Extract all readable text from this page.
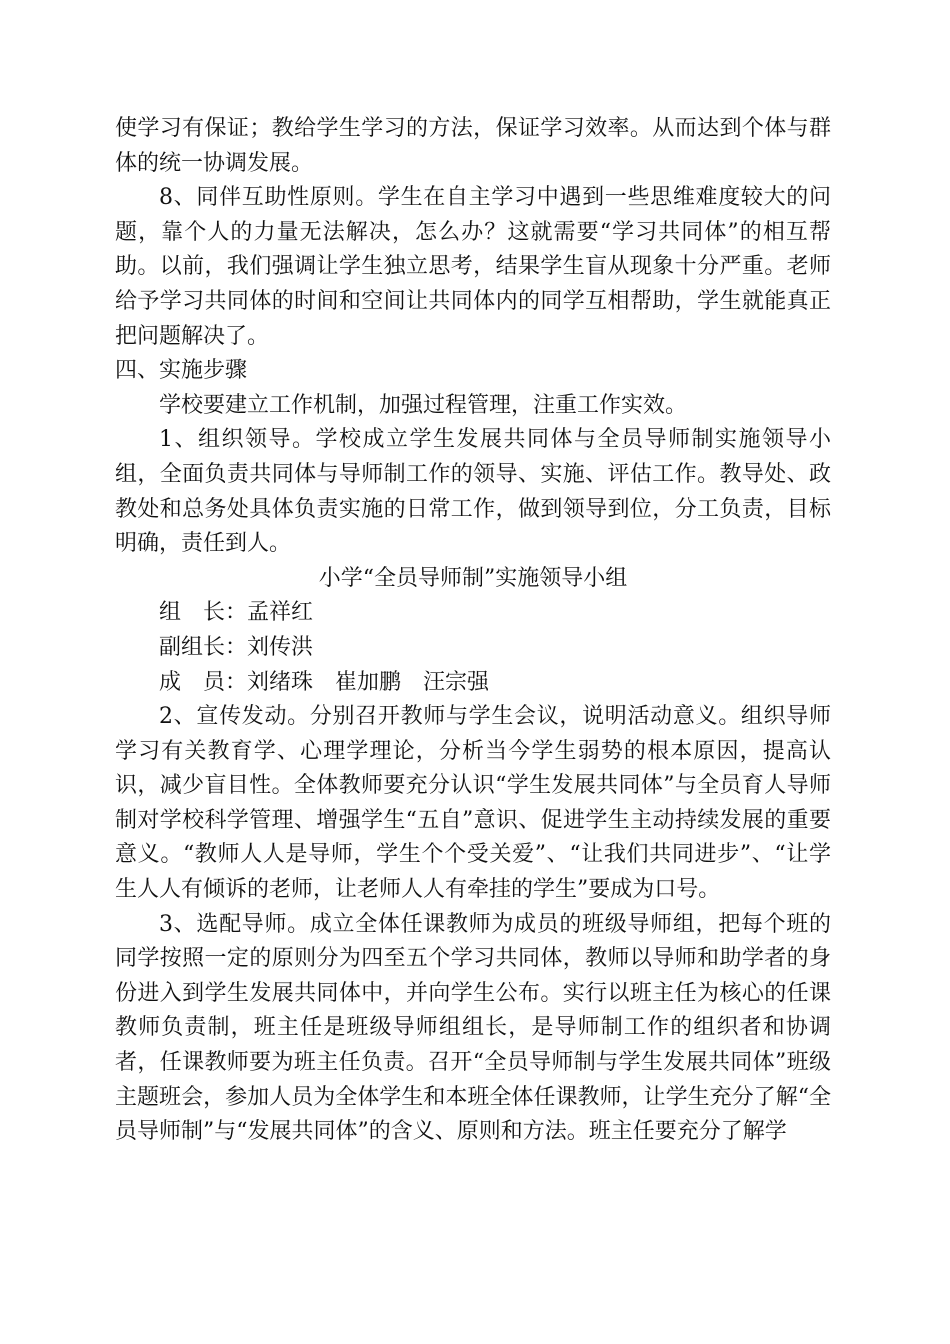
使学习有保证；教给学生学习的方法，保证学习效率。从而达到个体与群体的统一协调发展。

8、同伴互助性原则。学生在自主学习中遇到一些思维难度较大的问题，靠个人的力量无法解决，怎么办？这就需要“学习共同体”的相互帮助。以前，我们强调让学生独立思考，结果学生盲从现象十分严重。老师给予学习共同体的时间和空间让共同体内的同学互相帮助，学生就能真正把问题解决了。

四、实施步骤

学校要建立工作机制，加强过程管理，注重工作实效。

1、组织领导。学校成立学生发展共同体与全员导师制实施领导小组，全面负责共同体与导师制工作的领导、实施、评估工作。教导处、政教处和总务处具体负责实施的日常工作，做到领导到位，分工负责，目标明确，责任到人。

小学“全员导师制”实施领导小组

组　长：孟祥红

副组长：刘传洪

成　员：刘绪珠　崔加鹏　汪宗强

2、宣传发动。分别召开教师与学生会议，说明活动意义。组织导师学习有关教育学、心理学理论，分析当今学生弱势的根本原因，提高认识，减少盲目性。全体教师要充分认识“学生发展共同体”与全员育人导师制对学校科学管理、增强学生“五自”意识、促进学生主动持续发展的重要意义。“教师人人是导师，学生个个受关爱”、“让我们共同进步”、“让学生人人有倾诉的老师，让老师人人有牵挂的学生”要成为口号。

3、选配导师。成立全体任课教师为成员的班级导师组，把每个班的同学按照一定的原则分为四至五个学习共同体，教师以导师和助学者的身份进入到学生发展共同体中，并向学生公布。实行以班主任为核心的任课教师负责制，班主任是班级导师组组长，是导师制工作的组织者和协调者，任课教师要为班主任负责。召开“全员导师制与学生发展共同体”班级主题班会，参加人员为全体学生和本班全体任课教师，让学生充分了解“全员导师制”与“发展共同体”的含义、原则和方法。班主任要充分了解学
